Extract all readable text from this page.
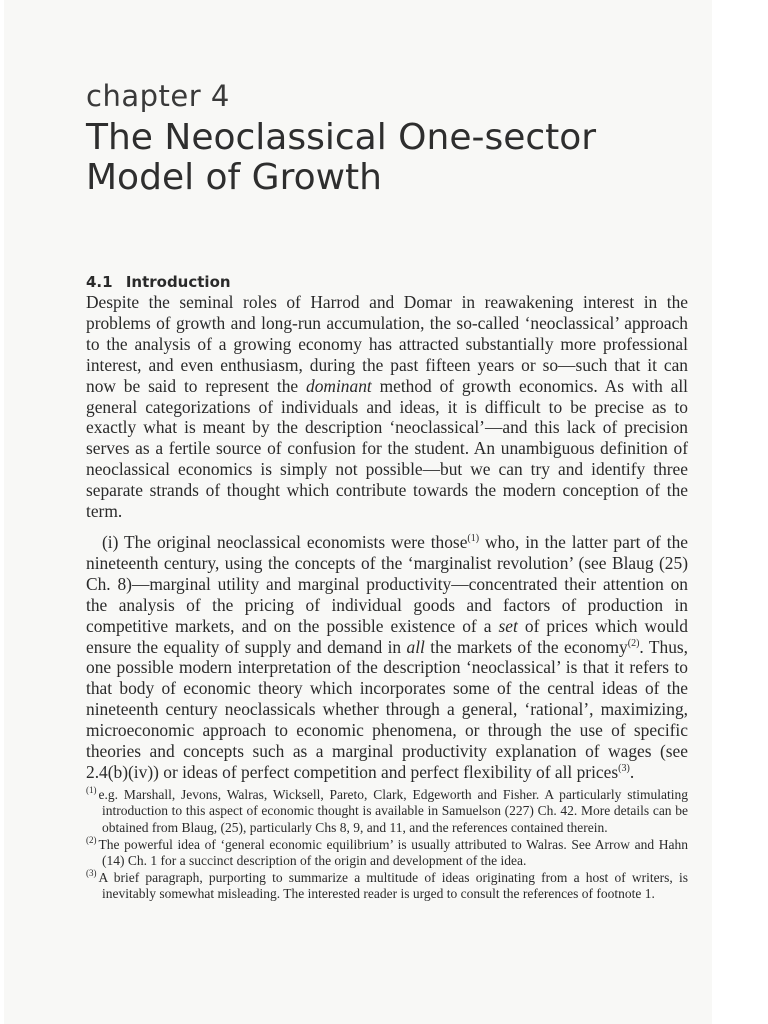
chapter 4
The Neoclassical One-sector Model of Growth
4.1 Introduction

Despite the seminal roles of Harrod and Domar in reawakening interest in the problems of growth and long-run accumulation, the so-called ‘neoclassical’ approach to the analysis of a growing economy has attracted substantially more professional interest, and even enthusiasm, during the past fifteen years or so—such that it can now be said to represent the dominant method of growth economics. As with all general categorizations of individuals and ideas, it is difficult to be precise as to exactly what is meant by the description ‘neoclassical’—and this lack of precision serves as a fertile source of confusion for the student. An unambiguous definition of neoclassical economics is simply not possible—but we can try and identify three separate strands of thought which contribute towards the modern conception of the term.

(i) The original neoclassical economists were those$^{(1)}$ who, in the latter part of the nineteenth century, using the concepts of the ‘marginalist revolution’ (see Blaug (25) Ch. 8)—marginal utility and marginal productivity—concentrated their attention on the analysis of the pricing of individual goods and factors of production in competitive markets, and on the possible existence of a set of prices which would ensure the equality of supply and demand in all the markets of the economy$^{(2)}$. Thus, one possible modern interpretation of the description ‘neoclassical’ is that it refers to that body of economic theory which incorporates some of the central ideas of the nineteenth century neoclassicals whether through a general, ‘rational’, maximizing, microeconomic approach to economic phenomena, or through the use of specific theories and concepts such as a marginal productivity explanation of wages (see 2.4(b)(iv)) or ideas of perfect competition and perfect flexibility of all prices$^{(3)}$.

$^{(1)}$ e.g. Marshall, Jevons, Walras, Wicksell, Pareto, Clark, Edgeworth and Fisher. A particularly stimulating introduction to this aspect of economic thought is available in Samuelson (227) Ch. 42. More details can be obtained from Blaug, (25), particularly Chs 8, 9, and 11, and the references contained therein.
$^{(2)}$ The powerful idea of ‘general economic equilibrium’ is usually attributed to Walras. See Arrow and Hahn (14) Ch. 1 for a succinct description of the origin and development of the idea.
$^{(3)}$ A brief paragraph, purporting to summarize a multitude of ideas originating from a host of writers, is inevitably somewhat misleading. The interested reader is urged to consult the references of footnote 1.
